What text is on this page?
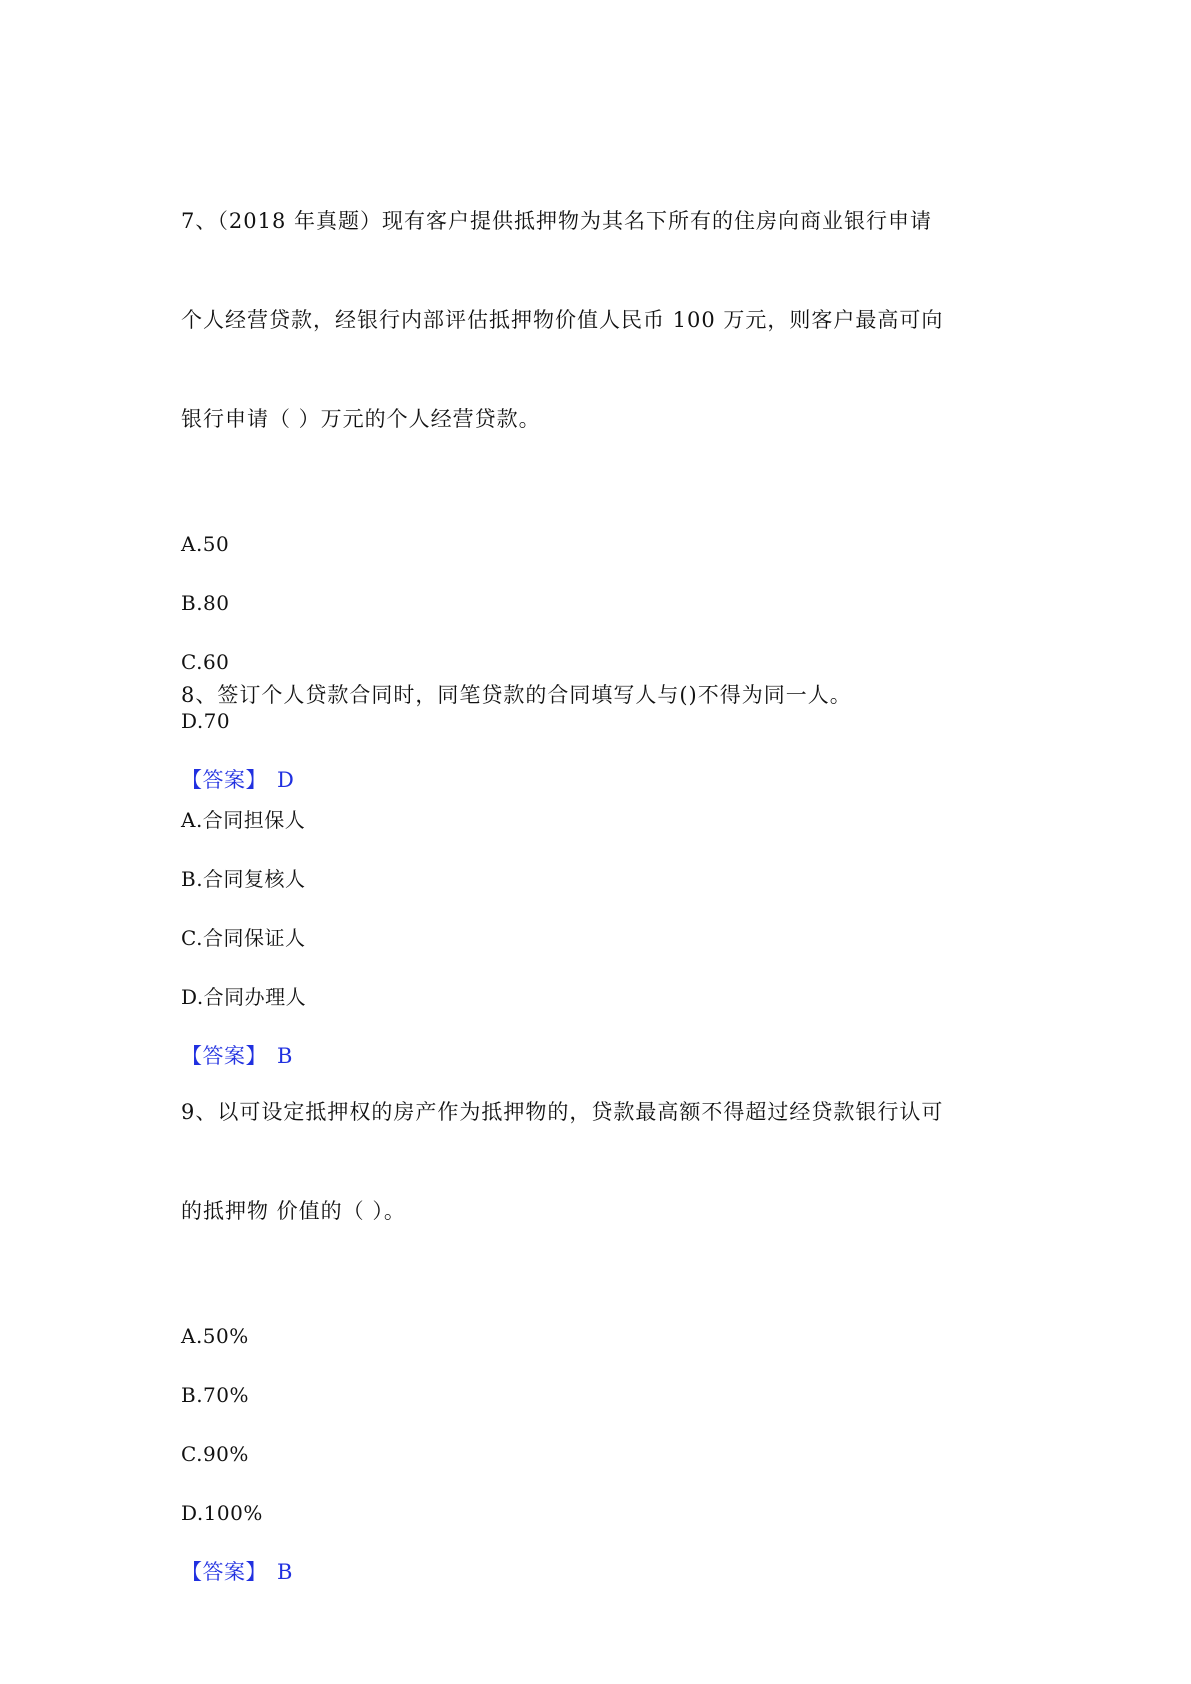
7、（2018 年真题）现有客户提供抵押物为其名下所有的住房向商业银行申请

个人经营贷款，经银行内部评估抵押物价值人民币 100 万元，则客户最高可向

银行申请（ ）万元的个人经营贷款。

A.50

B.80

C.60

D.70

【答案】 D

8、签订个人贷款合同时，同笔贷款的合同填写人与()不得为同一人。

A.合同担保人

B.合同复核人

C.合同保证人

D.合同办理人

【答案】 B

9、以可设定抵押权的房产作为抵押物的，贷款最高额不得超过经贷款银行认可

的抵押物 价值的（ ）。

A.50%

B.70%

C.90%

D.100%

【答案】 B
